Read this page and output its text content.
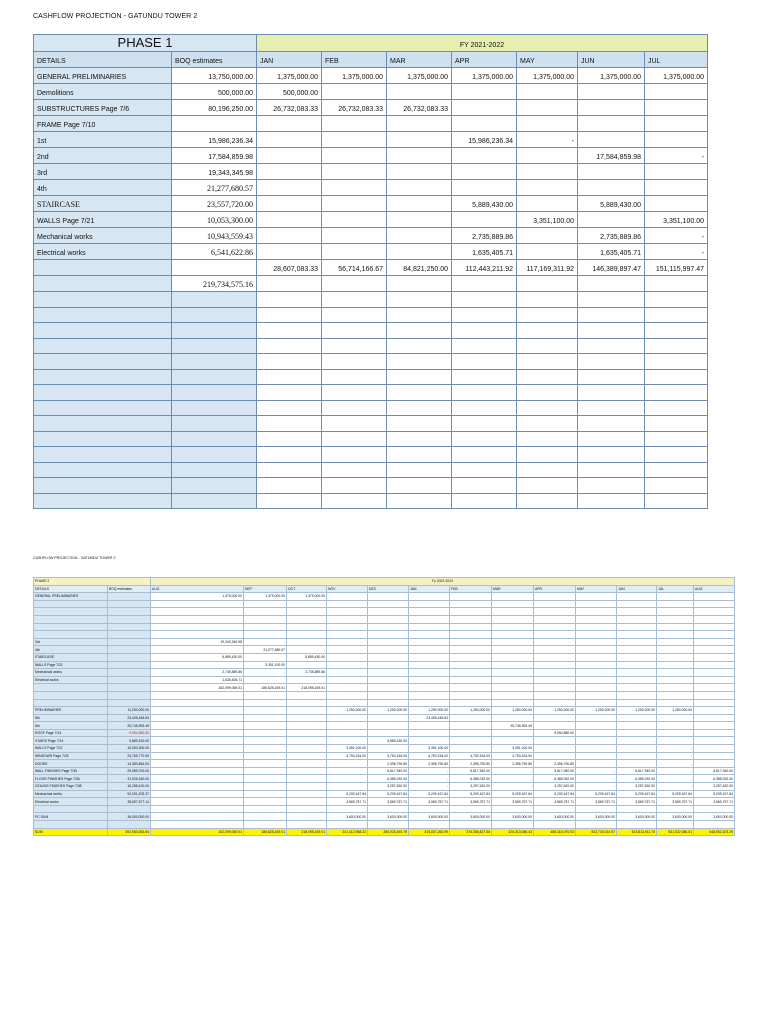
CASHFLOW PROJECTION - GATUNDU TOWER 2
PHASE 1		FY 2021-2022						
DETAILS	BOQ estimates	JAN	FEB	MAR	APR	MAY	JUN	JUL
GENERAL PRELIMINARIES	13,750,000.00	1,375,000.00	1,375,000.00	1,375,000.00	1,375,000.00	1,375,000.00	1,375,000.00	1,375,000.00
Demolitions	500,000.00	500,000.00						
SUBSTRUCTURES Page 7/6	80,196,250.00	26,732,083.33	26,732,083.33	26,732,083.33				
FRAME Page 7/10								
1st	15,986,236.34				15,986,236.34	-		
2nd	17,584,859.98						17,584,859.98	-
3rd	19,343,345.98							
4th	21,277,680.57							
STAIRCASE	23,557,720.00				5,889,430.00		5,889,430.00	
WALLS Page 7/21	10,053,300.00					3,351,100.00		3,351,100.00
Mechanical works	10,943,559.43				2,735,889.86		2,735,889.86	-
Electrical works	6,541,622.86				1,635,405.71		1,635,405.71	-
		28,607,083.33	56,714,166.67	84,821,250.00	112,443,211.92	117,169,311.92	146,389,897.47	151,115,997.47
	219,734,575.16							

CASHFLOW PROJECTION - GATUNDU TOWER 2
PHASE 2		Fy 2022-2023												
DETAILS	BOQ estimates	AUG	SEP	OCT	NOV	DEC	JAN	FEB	MAR	APR	MAY	JUN	JUL	AUG
GENERAL PRELIMINARIES		1,375,000.00	1,375,000.00	1,375,000.00										

3rd		19,343,345.98	-											
4th			21,277,680.57	-										
STAIRCASE		5,889,430.00		5,889,430.00										
WALLS Page 7/21			3,351,100.00											
Mechanical works		2,735,889.86	-	2,735,889.86										
Electrical works		1,635,405.71												
		182,099,069.01	186,825,169.01	218,095,169.01										

PRELIMINARIES	11,250,000.00				1,250,000.00	1,250,000.00	1,250,000.00	1,250,000.00	1,250,000.00	1,250,000.00	1,250,000.00	1,250,000.00	1,250,000.00	
5th	23,405,448.83						23,405,448.83							
6th	25,745,993.49								25,745,993.49					
ROOF Page 7/14	9,054,880.00									9,054,880.00				
STAIRS Page 7/14	5,889,430.00					5,889,430.00						-		
WALLS Page 7/21	10,053,300.00				3,351,100.00		3,351,100.00		3,351,100.00				-	
WINDOWS Page 7/25	23,765,770.00				4,753,154.00	4,753,154.00	4,753,154.00	4,753,154.00	4,753,154.00				-	
DOORS	14,383,854.00					2,396,790.80	2,396,790.80	2,396,790.80	2,396,790.80	2,396,790.80			-	
WALL FINISHES Page 7/35	29,089,700.00					5,817,940.00	-	5,817,940.00	-	5,817,940.00	-	5,817,940.00	-	5,817,940.00
FLOOR FINISHES Page 7/36	31,925,160.00					6,385,032.00	-	6,385,032.00	-	6,385,032.00	-	6,385,032.00	-	6,385,032.00
CEILING FINISHES Page 7/38	16,288,100.00					3,257,620.00	-	3,257,620.00	-	3,257,620.00	-	3,257,620.00	-	3,257,620.00
Mechanical works	52,091,678.37				5,209,167.84	5,209,167.84	5,209,167.84	5,209,167.84	5,209,167.84	5,209,167.84	5,209,167.84	5,209,167.84	5,209,167.84	5,209,167.84
Electrical works	35,697,577.14				3,569,757.71	3,569,757.71	3,569,757.71	3,569,757.71	3,569,757.71	3,569,757.71	3,569,757.71	3,569,757.71	3,569,757.71	3,569,757.71

PC SUM	36,000,000.00				3,600,000.00	3,600,000.00	3,600,000.00	3,600,000.00	3,600,000.00	3,600,000.00	3,600,000.00	3,600,000.00	3,600,000.00	3,600,000.00

SUM	392,583,063.84	182,099,069.01	186,825,169.01	218,095,169.01	241,412,968.22	280,025,493.79	315,837,260.99	376,356,827.56	426,313,086.43	488,316,070.03	502,733,014.97	523,813,911.75	531,022,086.51	548,502,203.29
